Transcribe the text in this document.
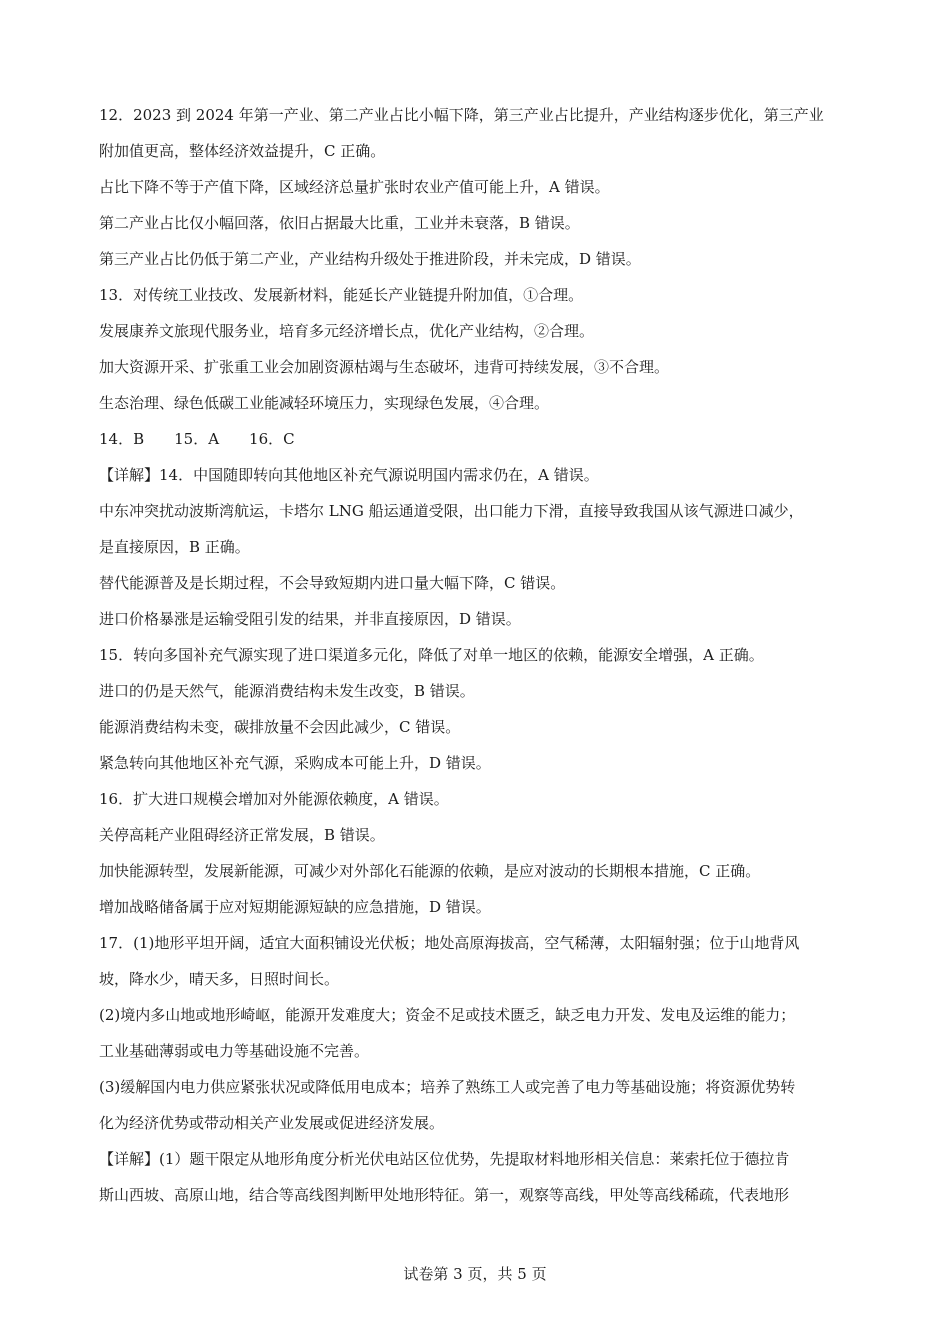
12．2023 到 2024 年第一产业、第二产业占比小幅下降，第三产业占比提升，产业结构逐步优化，第三产业
附加值更高，整体经济效益提升，C 正确。
占比下降不等于产值下降，区域经济总量扩张时农业产值可能上升，A 错误。
第二产业占比仅小幅回落，依旧占据最大比重，工业并未衰落，B 错误。
第三产业占比仍低于第二产业，产业结构升级处于推进阶段，并未完成，D 错误。
13．对传统工业技改、发展新材料，能延长产业链提升附加值，①合理。
发展康养文旅现代服务业，培育多元经济增长点，优化产业结构，②合理。
加大资源开采、扩张重工业会加剧资源枯竭与生态破坏，违背可持续发展，③不合理。
生态治理、绿色低碳工业能减轻环境压力，实现绿色发展，④合理。
14．B　　15．A　　16．C
【详解】14．中国随即转向其他地区补充气源说明国内需求仍在，A 错误。
中东冲突扰动波斯湾航运，卡塔尔 LNG 船运通道受限，出口能力下滑，直接导致我国从该气源进口减少，
是直接原因，B 正确。
替代能源普及是长期过程，不会导致短期内进口量大幅下降，C 错误。
进口价格暴涨是运输受阻引发的结果，并非直接原因，D 错误。
15．转向多国补充气源实现了进口渠道多元化，降低了对单一地区的依赖，能源安全增强，A 正确。
进口的仍是天然气，能源消费结构未发生改变，B 错误。
能源消费结构未变，碳排放量不会因此减少，C 错误。
紧急转向其他地区补充气源，采购成本可能上升，D 错误。
16．扩大进口规模会增加对外能源依赖度，A 错误。
关停高耗产业阻碍经济正常发展，B 错误。
加快能源转型，发展新能源，可减少对外部化石能源的依赖，是应对波动的长期根本措施，C 正确。
增加战略储备属于应对短期能源短缺的应急措施，D 错误。
17．(1)地形平坦开阔，适宜大面积铺设光伏板；地处高原海拔高，空气稀薄，太阳辐射强；位于山地背风
坡，降水少，晴天多，日照时间长。
(2)境内多山地或地形崎岖，能源开发难度大；资金不足或技术匮乏，缺乏电力开发、发电及运维的能力；
工业基础薄弱或电力等基础设施不完善。
(3)缓解国内电力供应紧张状况或降低用电成本；培养了熟练工人或完善了电力等基础设施；将资源优势转
化为经济优势或带动相关产业发展或促进经济发展。
【详解】(1）题干限定从地形角度分析光伏电站区位优势，先提取材料地形相关信息：莱索托位于德拉肯
斯山西坡、高原山地，结合等高线图判断甲处地形特征。第一，观察等高线，甲处等高线稀疏，代表地形
试卷第 3 页，共 5 页
